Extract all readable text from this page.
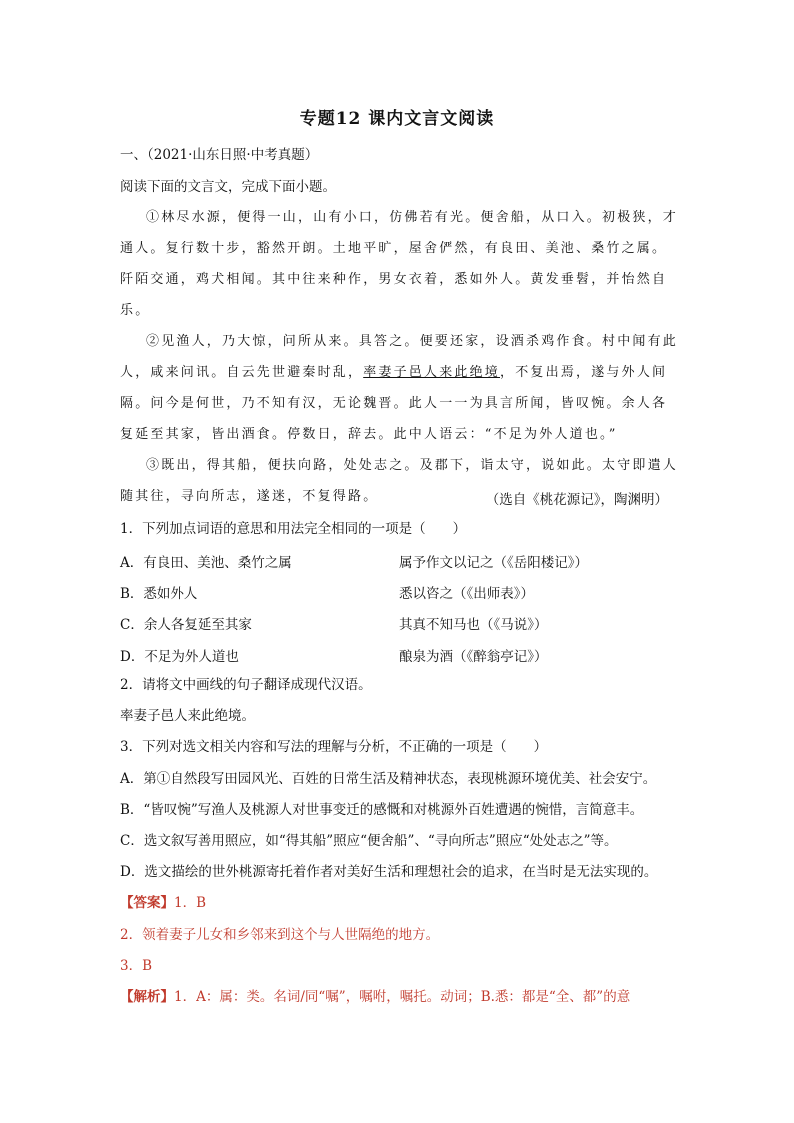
专题12 课内文言文阅读
一、（2021·山东日照·中考真题）
阅读下面的文言文，完成下面小题。

①林尽水源，便得一山，山有小口，仿佛若有光。便舍船，从口入。初极狭，才通人。复行数十步，豁然开朗。土地平旷，屋舍俨然，有良田、美池、桑竹之属。阡陌交通，鸡犬相闻。其中往来种作，男女衣着，悉如外人。黄发垂髫，并怡然自乐。

②见渔人，乃大惊，问所从来。具答之。便要还家，设酒杀鸡作食。村中闻有此人，咸来问讯。自云先世避秦时乱，率妻子邑人来此绝境，不复出焉，遂与外人间隔。问今是何世，乃不知有汉，无论魏晋。此人一一为具言所闻，皆叹惋。余人各复延至其家，皆出酒食。停数日，辞去。此中人语云：“不足为外人道也。”

③既出，得其船，便扶向路，处处志之。及郡下，诣太守，说如此。太守即遣人随其往，寻向所志，遂迷，不复得路。	（选自《桃花源记》，陶渊明）
1．下列加点词语的意思和用法完全相同的一项是（　　）
A．有良田、美池、桑竹之属	属予作文以记之（《岳阳楼记》）
B．悉如外人	悉以咨之（《出师表》）
C．余人各复延至其家	其真不知马也（《马说》）
D．不足为外人道也	酿泉为酒（《醉翁亭记》）
2．请将文中画线的句子翻译成现代汉语。
率妻子邑人来此绝境。
3．下列对选文相关内容和写法的理解与分析，不正确的一项是（　　）
A．第①自然段写田园风光、百姓的日常生活及精神状态，表现桃源环境优美、社会安宁。
B．“皆叹惋”写渔人及桃源人对世事变迁的感慨和对桃源外百姓遭遇的惋惜，言简意丰。
C．选文叙写善用照应，如“得其船”照应“便舍船”、“寻向所志”照应“处处志之”等。
D．选文描绘的世外桃源寄托着作者对美好生活和理想社会的追求，在当时是无法实现的。
【答案】1．B
2．领着妻子儿女和乡邻来到这个与人世隔绝的地方。
3．B
【解析】1．A：属：类。名词/同“嘱”，嘱咐，嘱托。动词；B.悉：都是“全、都”的意
